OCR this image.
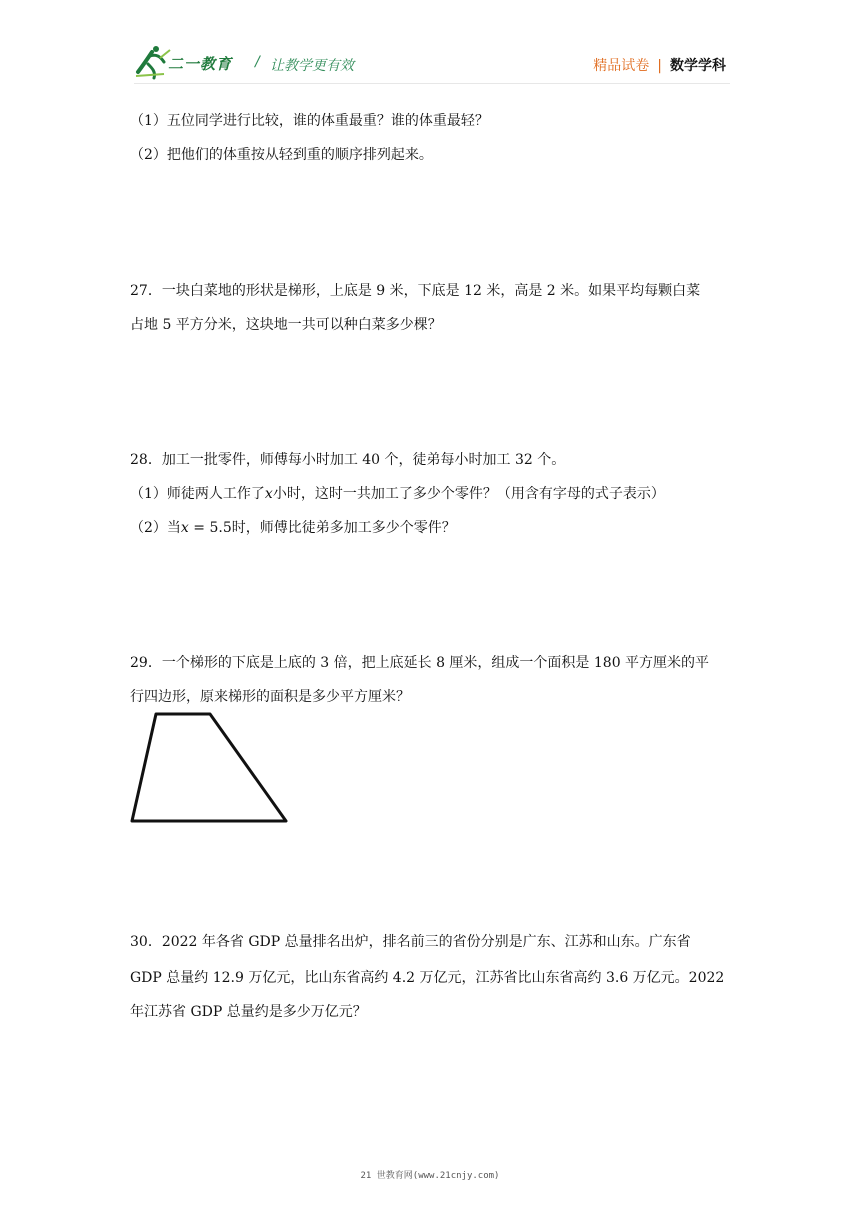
二一教育 / 让教学更有效	精品试卷 | 数学学科
（1）五位同学进行比较，谁的体重最重？谁的体重最轻？
（2）把他们的体重按从轻到重的顺序排列起来。
27．一块白菜地的形状是梯形，上底是 9 米，下底是 12 米，高是 2 米。如果平均每颗白菜
占地 5 平方分米，这块地一共可以种白菜多少棵？
28．加工一批零件，师傅每小时加工 40 个，徒弟每小时加工 32 个。
（1）师徒两人工作了x小时，这时一共加工了多少个零件？（用含有字母的式子表示）
（2）当x = 5.5时，师傅比徒弟多加工多少个零件？
29．一个梯形的下底是上底的 3 倍，把上底延长 8 厘米，组成一个面积是 180 平方厘米的平
行四边形，原来梯形的面积是多少平方厘米？
30．2022 年各省 GDP 总量排名出炉，排名前三的省份分别是广东、江苏和山东。广东省
GDP 总量约 12.9 万亿元，比山东省高约 4.2 万亿元，江苏省比山东省高约 3.6 万亿元。2022
年江苏省 GDP 总量约是多少万亿元？
21 世教育网(www.21cnjy.com)
